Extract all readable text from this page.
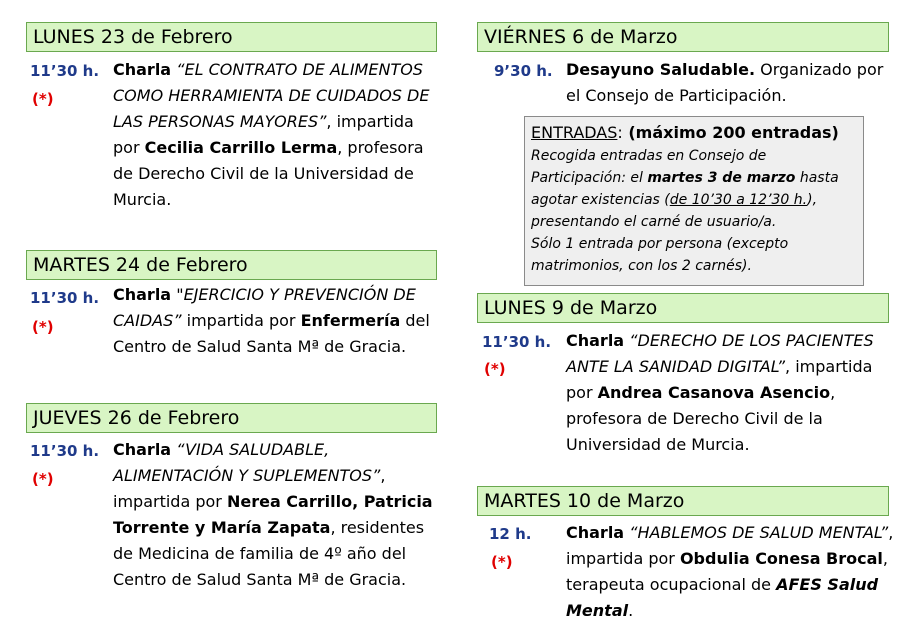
LUNES 23 de Febrero
11’30 h.
(*)
Charla “EL CONTRATO DE ALIMENTOS COMO HERRAMIENTA DE CUIDADOS DE LAS PERSONAS MAYORES”, impartida por Cecilia Carrillo Lerma, profesora de Derecho Civil de la Universidad de Murcia.
MARTES 24 de Febrero
11’30 h.
(*)
Charla "EJERCICIO Y PREVENCIÓN DE CAIDAS” impartida por Enfermería del Centro de Salud Santa Mª de Gracia.
JUEVES 26 de Febrero
11’30 h.
(*)
Charla “VIDA SALUDABLE, ALIMENTACIÓN Y SUPLEMENTOS”, impartida por Nerea Carrillo, Patricia Torrente y María Zapata, residentes de Medicina de familia de 4º año del Centro de Salud Santa Mª de Gracia.
VIÉRNES 6 de Marzo
9’30 h. Desayuno Saludable. Organizado por el Consejo de Participación.
ENTRADAS: (máximo 200 entradas)
Recogida entradas en Consejo de Participación: el martes 3 de marzo hasta agotar existencias (de 10’30 a 12’30 h.), presentando el carné de usuario/a.
Sólo 1 entrada por persona (excepto matrimonios, con los 2 carnés).
LUNES 9 de Marzo
11’30 h.
(*)
Charla “DERECHO DE LOS PACIENTES ANTE LA SANIDAD DIGITAL”, impartida por Andrea Casanova Asencio, profesora de Derecho Civil de la Universidad de Murcia.
MARTES 10 de Marzo
12 h.
(*)
Charla “HABLEMOS DE SALUD MENTAL”, impartida por Obdulia Conesa Brocal, terapeuta ocupacional de AFES Salud Mental.
